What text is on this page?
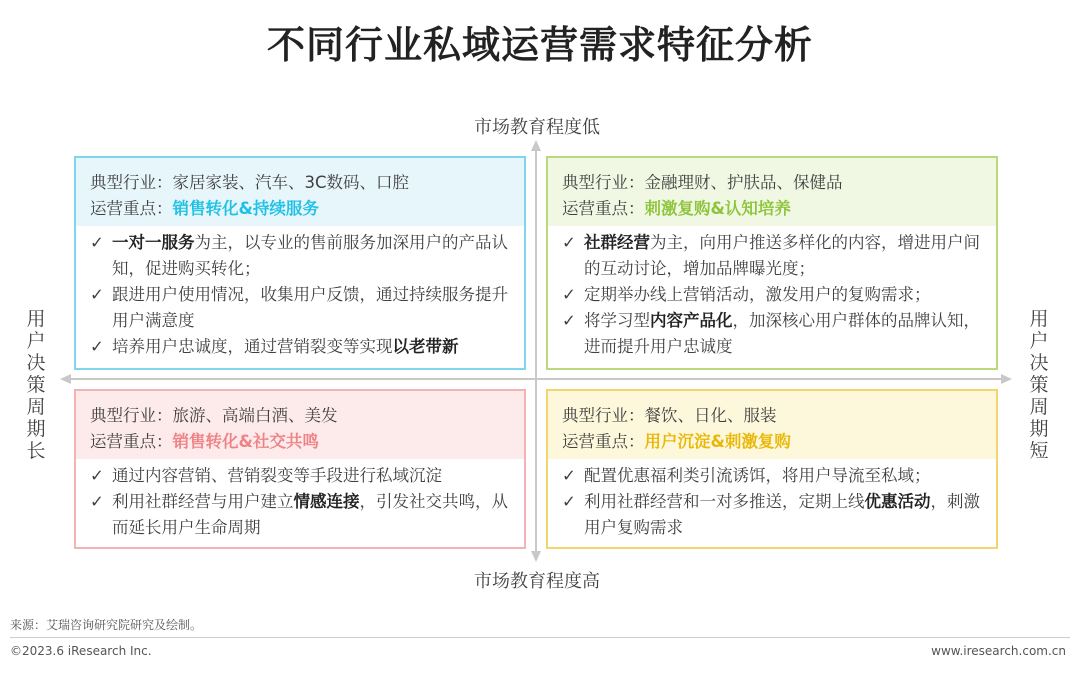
不同行业私域运营需求特征分析
市场教育程度低
市场教育程度高
用户决策周期长
用户决策周期短
典型行业：家居家装、汽车、3C数码、口腔
运营重点：销售转化&持续服务
✓ 一对一服务为主，以专业的售前服务加深用户的产品认知，促进购买转化；
✓ 跟进用户使用情况，收集用户反馈，通过持续服务提升用户满意度
✓ 培养用户忠诚度，通过营销裂变等实现以老带新
典型行业：金融理财、护肤品、保健品
运营重点：刺激复购&认知培养
✓ 社群经营为主，向用户推送多样化的内容，增进用户间的互动讨论，增加品牌曝光度；
✓ 定期举办线上营销活动，激发用户的复购需求；
✓ 将学习型内容产品化，加深核心用户群体的品牌认知，进而提升用户忠诚度
典型行业：旅游、高端白酒、美发
运营重点：销售转化&社交共鸣
✓ 通过内容营销、营销裂变等手段进行私域沉淀
✓ 利用社群经营与用户建立情感连接，引发社交共鸣，从而延长用户生命周期
典型行业：餐饮、日化、服装
运营重点：用户沉淀&刺激复购
✓ 配置优惠福利类引流诱饵，将用户导流至私域；
✓ 利用社群经营和一对多推送，定期上线优惠活动，刺激用户复购需求
来源：艾瑞咨询研究院研究及绘制。
©2023.6 iResearch Inc.	www.iresearch.com.cn
